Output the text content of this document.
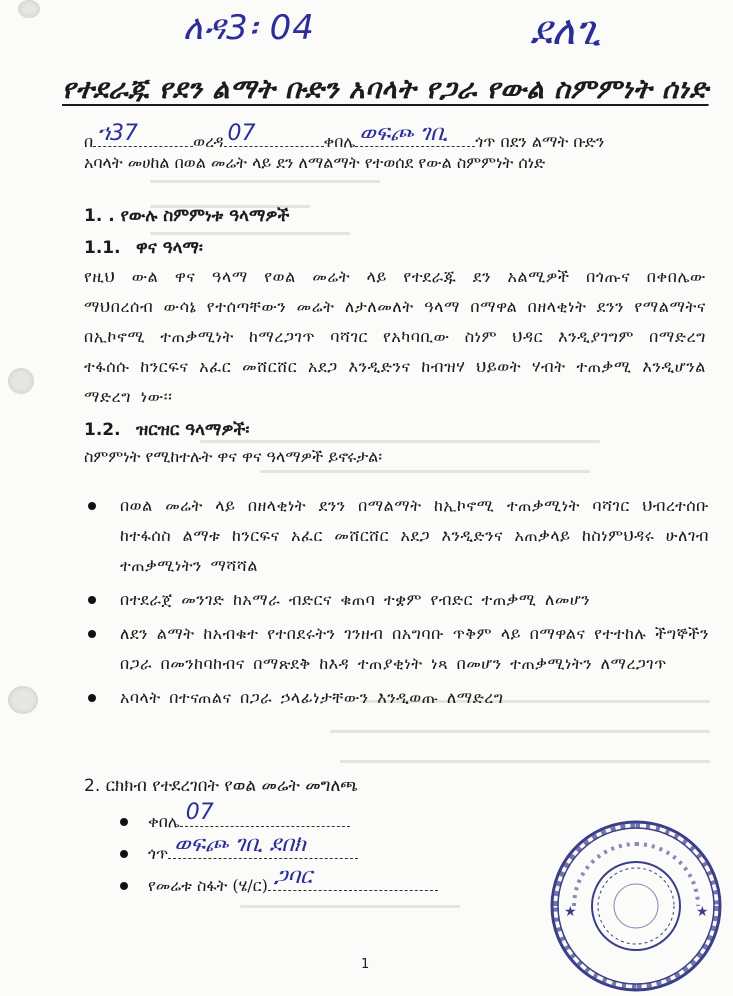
ለዳ3፡ 04	ደለጊ
የተደራጁ የደን ልማት ቡድን አባላት የጋራ የውል ስምምነት ሰነድ
በ ኀ37	ወረዳ 07	ቀበሌ ወፍጮ ገቢ ጎጥ በደን ልማት ቡድን
አባላት መሀከል በወል መሬት ላይ ደን ለማልማት የተወሰደ የውል ስምምነት ሰነድ
1. . የውሉ ስምምነቱ ዓላማዎች
1.1. ዋና ዓላማ፡
የዚህ ውል ዋና ዓላማ የወል መሬት ላይ የተደራጁ ደን አልሚዎች በጎጡና በቀበሌው ማህበረሰብ ውሳኔ የተሰጣቸውን መሬት ለታለመለት ዓላማ በማዋል በዘላቂነት ደንን የማልማትና በኢኮኖሚ ተጠቃሚነት ከማረጋገጥ ባሻገር የአካባቢው ስነም ህዳር እንዲያገግም በማድረግ ተፋሰሱ ከንርፍና አፈር መሸርሸር አደጋ እንዲድንና ከብዝሃ ህይወት ሃብት ተጠቃሚ እንዲሆንል ማድረግ ነው፡፡
1.2. ዝርዝር ዓላማዎች፡
ስምምነት የሚከተሉት ዋና ዋና ዓላማዎች ይኖሩታል፡
በወል መሬት ላይ በዘላቂነት ደንን በማልማት ከኢኮኖሚ ተጠቃሚነት ባሻገር ህብረተሰቡ ከተፋሰስ ልማቱ ከንርፍና አፈር መሸርሸር አደጋ እንዲድንና አጠቃላይ ከስነምህዳሩ ሁለገብ ተጠቃሚነትን ማሻሻል
በተደራጀ መንገድ ከአማራ ብድርና ቁጠባ ተቋም የብድር ተጠቃሚ ለመሆን
ለደን ልማት ከአብቁተ የተበደሩትን ገንዘብ በአግባቡ ጥቅም ላይ በማዋልና የተተከሉ ችግኞችን በጋራ በመንከባከብና በማጽደቅ ከእዳ ተጠያቂነት ነጻ በመሆን ተጠቃሚነትን ለማረጋገጥ
አባላት በተናጠልና በጋራ ኃላፊነታቸውን እንዲወጡ ለማድረግ
2. ርክክብ የተደረገበት የወል መሬት መግለጫ
ቀበሌ 07
ጎጥ ወፍጮ ገቢ ደበክ
የመሬቱ ስፋት (ሄ/ር) ጋባር
★	★
1
